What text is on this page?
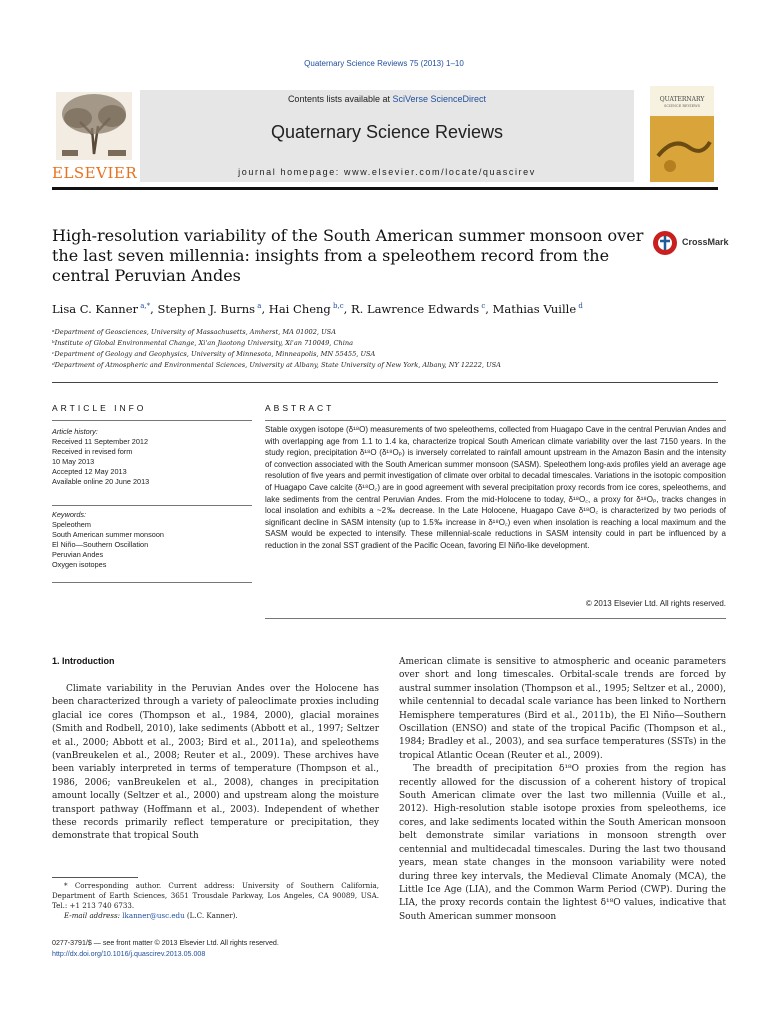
Quaternary Science Reviews 75 (2013) 1–10
ELSEVIER
Contents lists available at SciVerse ScienceDirect
Quaternary Science Reviews
journal homepage: www.elsevier.com/locate/quascirev
QUATERNARY
SCIENCE REVIEWS
High-resolution variability of the South American summer monsoon over the last seven millennia: insights from a speleothem record from the central Peruvian Andes
CrossMark
Lisa C. Kanner $^{a,*}$, Stephen J. Burns $^a$, Hai Cheng $^{b,c}$, R. Lawrence Edwards $^c$, Mathias Vuille $^d$
ᵃDepartment of Geosciences, University of Massachusetts, Amherst, MA 01002, USA
ᵇInstitute of Global Environmental Change, Xi'an Jiaotong University, Xi'an 710049, China
ᶜDepartment of Geology and Geophysics, University of Minnesota, Minneapolis, MN 55455, USA
ᵈDepartment of Atmospheric and Environmental Sciences, University at Albany, State University of New York, Albany, NY 12222, USA
ARTICLE INFO
Article history:
Received 11 September 2012
Received in revised form
10 May 2013
Accepted 12 May 2013
Available online 20 June 2013
Keywords:
Speleothem
South American summer monsoon
El Niño—Southern Oscillation
Peruvian Andes
Oxygen isotopes
ABSTRACT
Stable oxygen isotope (δ¹⁸O) measurements of two speleothems, collected from Huagapo Cave in the central Peruvian Andes and with overlapping age from 1.1 to 1.4 ka, characterize tropical South American climate variability over the last 7150 years. In the study region, precipitation δ¹⁸O (δ¹⁸Oₚ) is inversely correlated to rainfall amount upstream in the Amazon Basin and the intensity of convection associated with the South American summer monsoon (SASM). Speleothem long-axis profiles yield an average age resolution of five years and permit investigation of climate over orbital to decadal timescales. Variations in the isotopic composition of Huagapo Cave calcite (δ¹⁸O꜀) are in good agreement with several precipitation proxy records from ice cores, speleothems, and lake sediments from the central Peruvian Andes. From the mid-Holocene to today, δ¹⁸O꜀, a proxy for δ¹⁸Oₚ, tracks changes in local insolation and exhibits a ~2‰ decrease. In the Late Holocene, Huagapo Cave δ¹⁸O꜀ is characterized by two periods of significant decline in SASM intensity (up to 1.5‰ increase in δ¹⁸O꜀) even when insolation is reaching a local maximum and the SASM would be expected to intensify. These millennial-scale reductions in SASM intensity could in part be influenced by a reduction in the zonal SST gradient of the Pacific Ocean, favoring El Niño-like development.
© 2013 Elsevier Ltd. All rights reserved.
1. Introduction

Climate variability in the Peruvian Andes over the Holocene has been characterized through a variety of paleoclimate proxies including glacial ice cores (Thompson et al., 1984, 2000), glacial moraines (Smith and Rodbell, 2010), lake sediments (Abbott et al., 1997; Seltzer et al., 2000; Abbott et al., 2003; Bird et al., 2011a), and speleothems (vanBreukelen et al., 2008; Reuter et al., 2009). These archives have been variably interpreted in terms of temperature (Thompson et al., 1986, 2006; vanBreukelen et al., 2008), changes in precipitation amount locally (Seltzer et al., 2000) and upstream along the moisture transport pathway (Hoffmann et al., 2003). Independent of whether these records primarily reflect temperature or precipitation, they demonstrate that tropical South

American climate is sensitive to atmospheric and oceanic parameters over short and long timescales. Orbital-scale trends are forced by austral summer insolation (Thompson et al., 1995; Seltzer et al., 2000), while centennial to decadal scale variance has been linked to Northern Hemisphere temperatures (Bird et al., 2011b), the El Niño—Southern Oscillation (ENSO) and state of the tropical Pacific (Thompson et al., 1984; Bradley et al., 2003), and sea surface temperatures (SSTs) in the tropical Atlantic Ocean (Reuter et al., 2009).

The breadth of precipitation δ¹⁸O proxies from the region has recently allowed for the discussion of a coherent history of tropical South American climate over the last two millennia (Vuille et al., 2012). High-resolution stable isotope proxies from speleothems, ice cores, and lake sediments located within the South American monsoon belt demonstrate similar variations in monsoon strength over centennial and multidecadal timescales. During the last two thousand years, mean state changes in the monsoon variability were noted during three key intervals, the Medieval Climate Anomaly (MCA), the Little Ice Age (LIA), and the Common Warm Period (CWP). During the LIA, the proxy records contain the lightest δ¹⁸O values, indicative that South American summer monsoon

* Corresponding author. Current address: University of Southern California, Department of Earth Sciences, 3651 Trousdale Parkway, Los Angeles, CA 90089, USA. Tel.: +1 213 740 6733.
E-mail address: lkanner@usc.edu (L.C. Kanner).
0277-3791/$ — see front matter © 2013 Elsevier Ltd. All rights reserved.
http://dx.doi.org/10.1016/j.quascirev.2013.05.008
